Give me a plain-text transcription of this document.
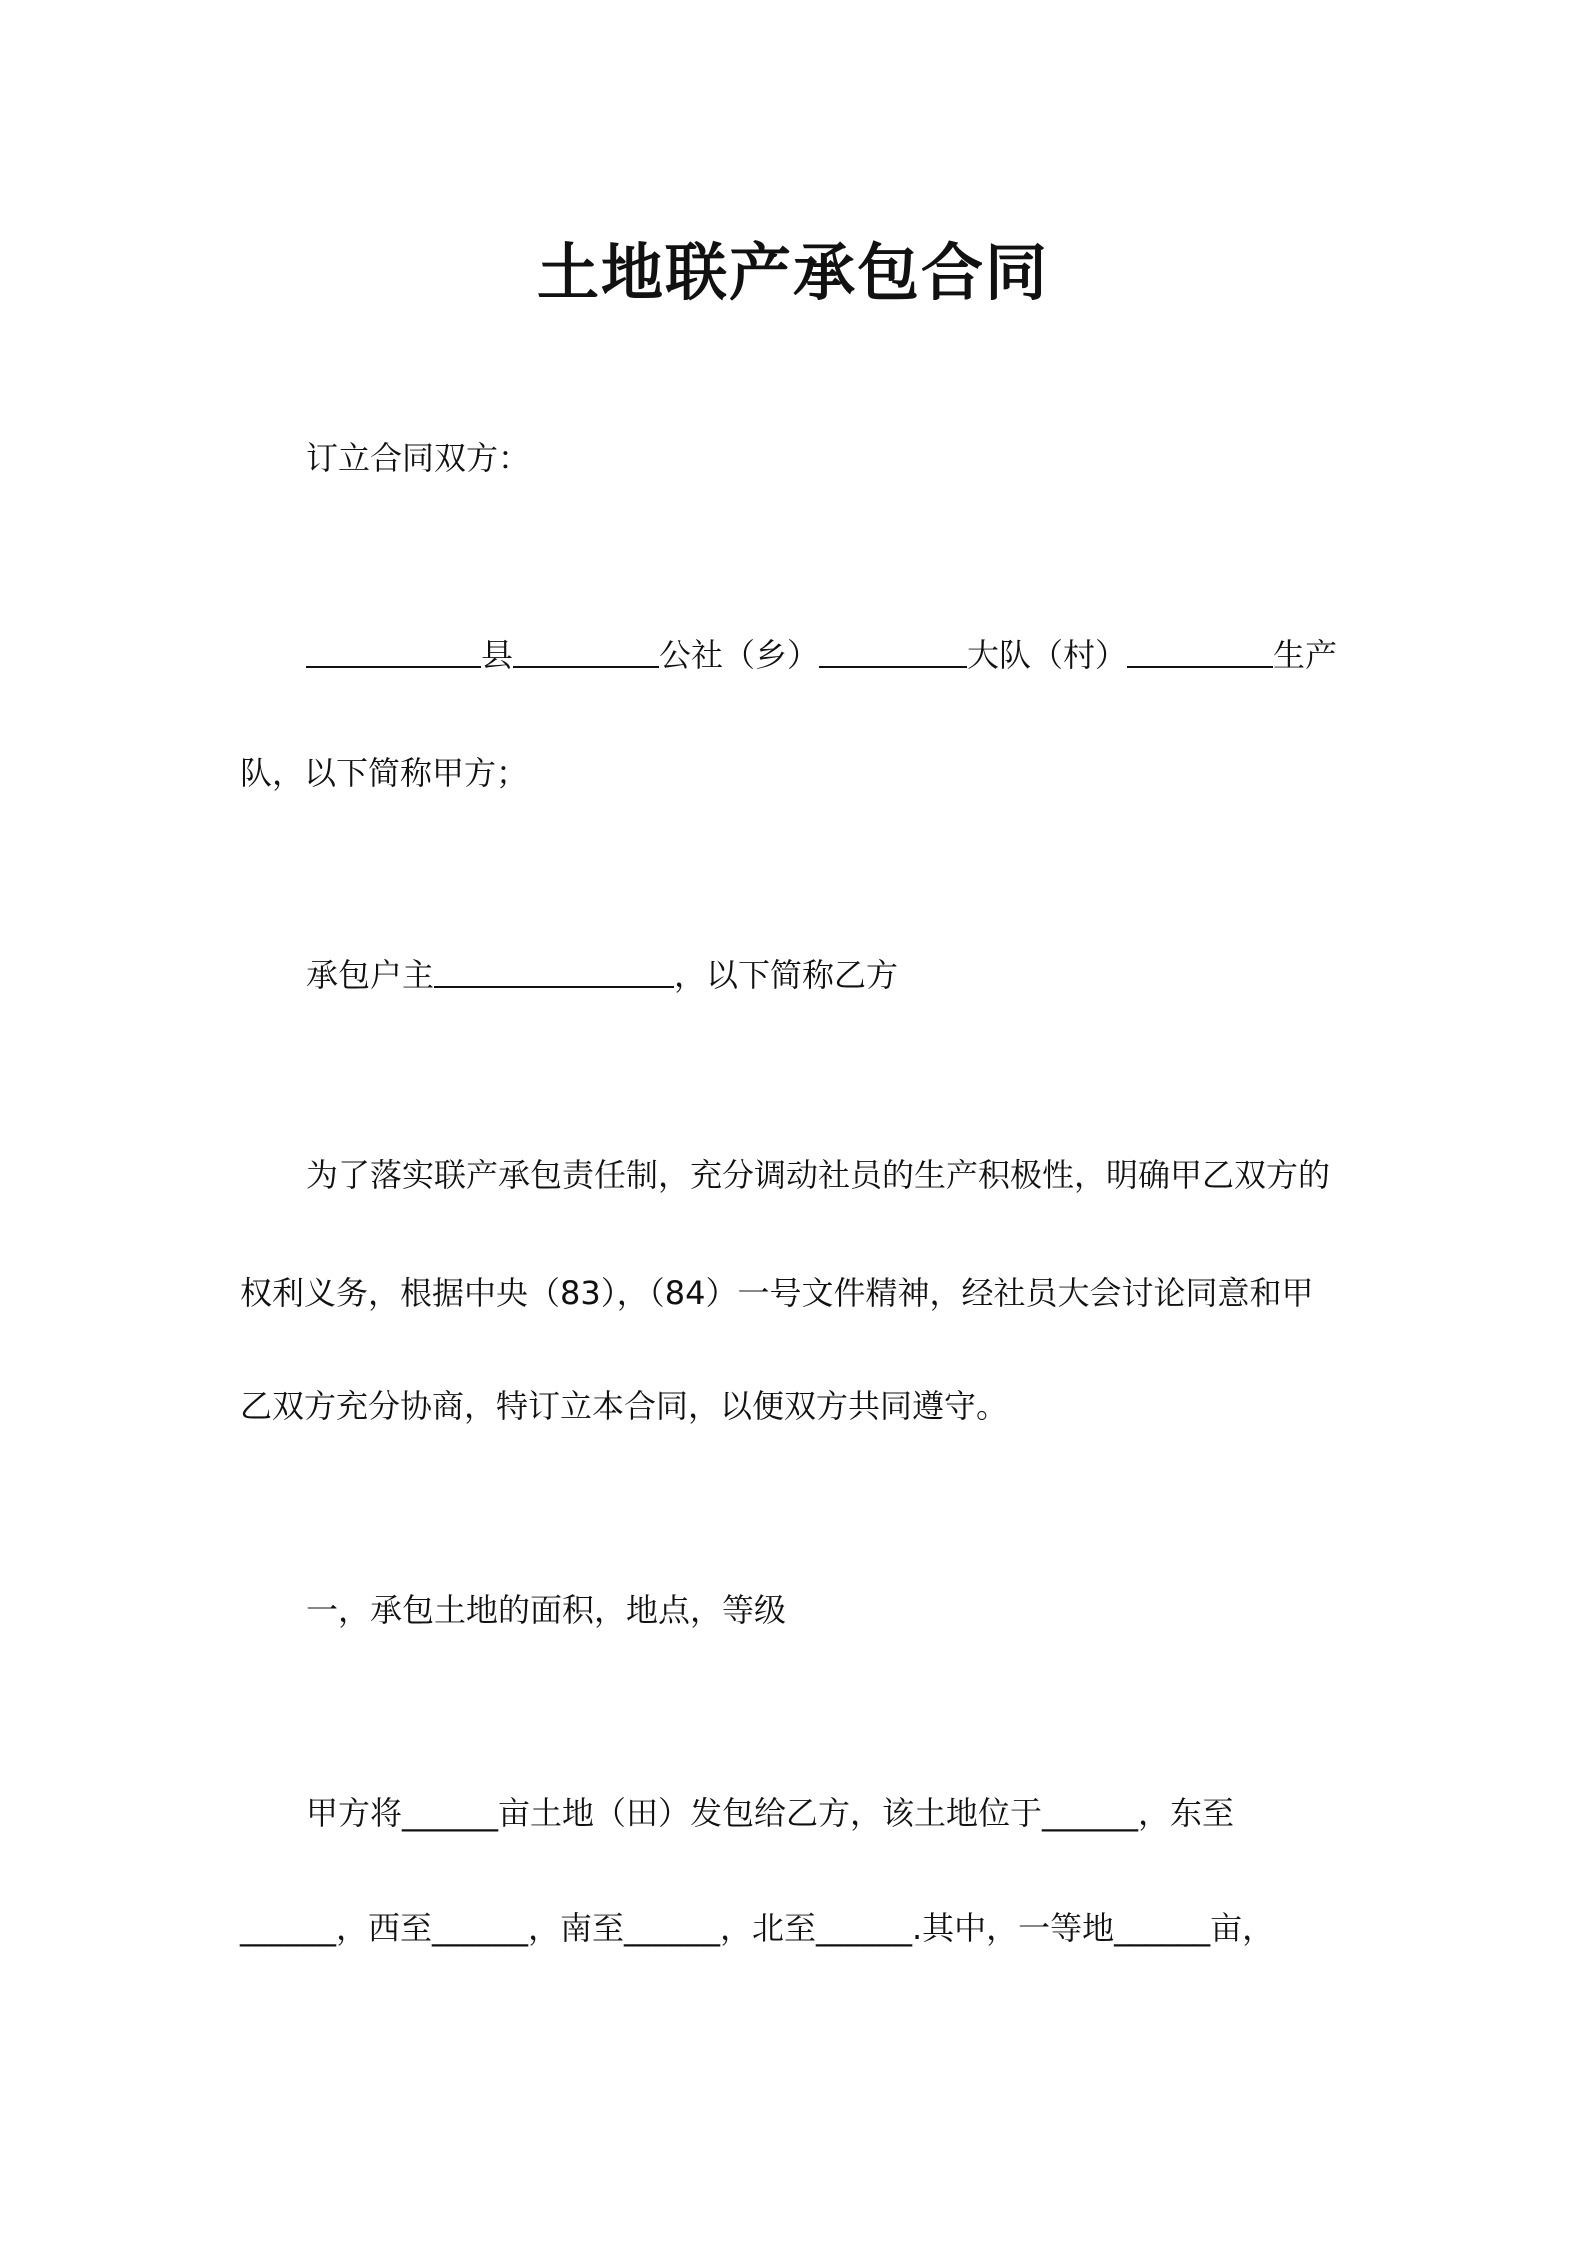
土地联产承包合同
订立合同双方：
县	公社（乡）	大队（村）	生产
队，以下简称甲方；
承包户主	，以下简称乙方
为了落实联产承包责任制，充分调动社员的生产积极性，明确甲乙双方的
权利义务，根据中央（83），（84）一号文件精神，经社员大会讨论同意和甲
乙双方充分协商，特订立本合同，以便双方共同遵守。
一，承包土地的面积，地点，等级
甲方将______亩土地（田）发包给乙方，该土地位于______，东至
______，西至______，南至______，北至______.其中，一等地______亩，
